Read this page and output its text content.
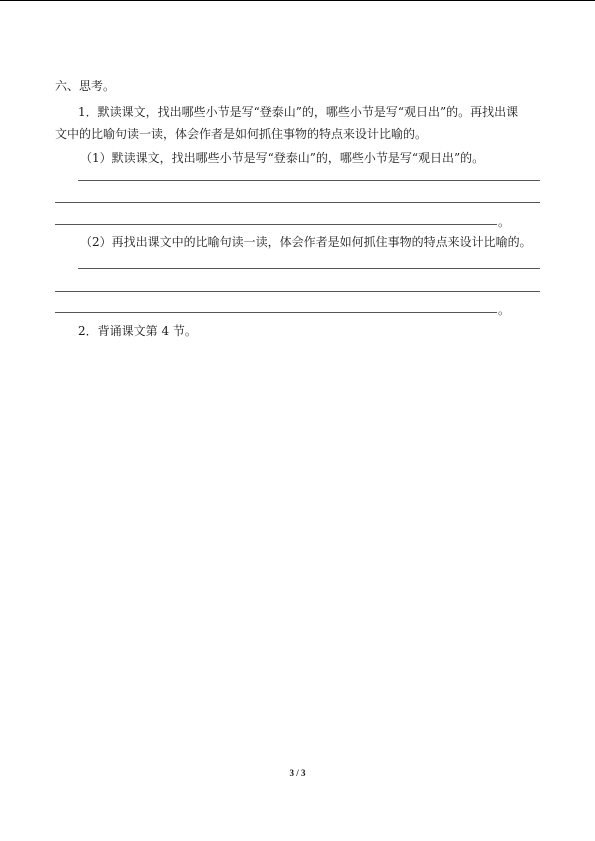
六、思考。
1．默读课文，找出哪些小节是写“登泰山”的，哪些小节是写“观日出”的。再找出课
文中的比喻句读一读，体会作者是如何抓住事物的特点来设计比喻的。
（1）默读课文，找出哪些小节是写“登泰山”的，哪些小节是写“观日出”的。
。
（2）再找出课文中的比喻句读一读，体会作者是如何抓住事物的特点来设计比喻的。
。
2．背诵课文第 4 节。
3 / 3
